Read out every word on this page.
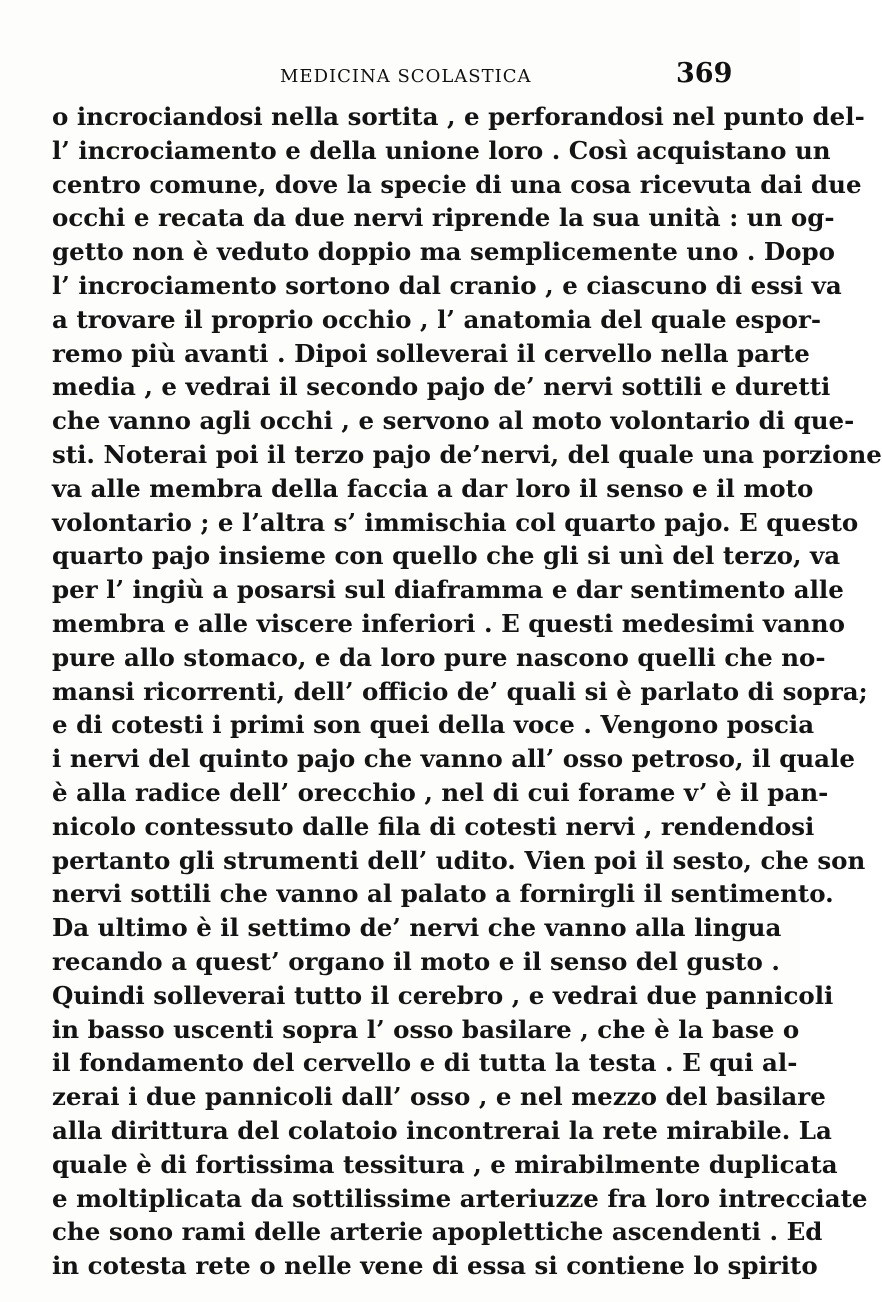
MEDICINA SCOLASTICA	369
o incrociandosi nella sortita , e perforandosi nel punto del-
l’ incrociamento e della unione loro . Così acquistano un
centro comune, dove la specie di una cosa ricevuta dai due
occhi e recata da due nervi riprende la sua unità : un og-
getto non è veduto doppio ma semplicemente uno . Dopo
l’ incrociamento sortono dal cranio , e ciascuno di essi va
a trovare il proprio occhio , l’ anatomia del quale espor-
remo più avanti . Dipoi solleverai il cervello nella parte
media , e vedrai il secondo pajo de’ nervi sottili e duretti
che vanno agli occhi , e servono al moto volontario di que-
sti. Noterai poi il terzo pajo de’nervi, del quale una porzione
va alle membra della faccia a dar loro il senso e il moto
volontario ; e l’altra s’ immischia col quarto pajo. E questo
quarto pajo insieme con quello che gli si unì del terzo, va
per l’ ingiù a posarsi sul diaframma e dar sentimento alle
membra e alle viscere inferiori . E questi medesimi vanno
pure allo stomaco, e da loro pure nascono quelli che no-
mansi ricorrenti, dell’ officio de’ quali si è parlato di sopra;
e di cotesti i primi son quei della voce . Vengono poscia
i nervi del quinto pajo che vanno all’ osso petroso, il quale
è alla radice dell’ orecchio , nel di cui forame v’ è il pan-
nicolo contessuto dalle fila di cotesti nervi , rendendosi
pertanto gli strumenti dell’ udito. Vien poi il sesto, che son
nervi sottili che vanno al palato a fornirgli il sentimento.
Da ultimo è il settimo de’ nervi che vanno alla lingua
recando a quest’ organo il moto e il senso del gusto .
Quindi solleverai tutto il cerebro , e vedrai due pannicoli
in basso uscenti sopra l’ osso basilare , che è la base o
il fondamento del cervello e di tutta la testa . E qui al-
zerai i due pannicoli dall’ osso , e nel mezzo del basilare
alla dirittura del colatoio incontrerai la rete mirabile. La
quale è di fortissima tessitura , e mirabilmente duplicata
e moltiplicata da sottilissime arteriuzze fra loro intrecciate
che sono rami delle arterie apoplettiche ascendenti . Ed
in cotesta rete o nelle vene di essa si contiene lo spirito
